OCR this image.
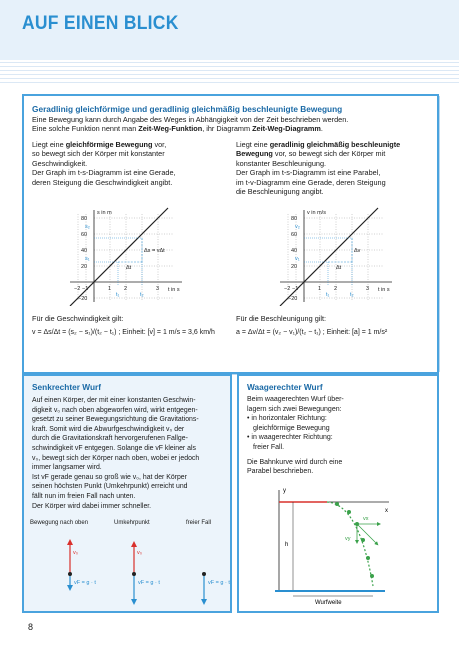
AUF EINEN BLICK
Geradlinig gleichförmige und geradlinig gleichmäßig beschleunigte Bewegung
Eine Bewegung kann durch Angabe des Weges in Abhängigkeit von der Zeit beschrieben werden.
Eine solche Funktion nennt man Zeit-Weg-Funktion, ihr Diagramm Zeit-Weg-Diagramm.
Liegt eine gleichförmige Bewegung vor,
so bewegt sich der Körper mit konstanter
Geschwindigkeit.
Der Graph im t-s-Diagramm ist eine Gerade,
deren Steigung die Geschwindigkeit angibt.
Liegt eine geradlinig gleichmäßig beschleunigte
Bewegung vor, so bewegt sich der Körper mit
konstanter Beschleunigung.
Der Graph im t-s-Diagramm ist eine Parabel,
im t-v-Diagramm eine Gerade, deren Steigung
die Beschleunigung angibt.
s in m
t in s
80
60
40
20
−20
−2 −1	1 2	3
Δs = vΔt
Δt
s₂
s₁
t₁	t₂
v in m/s
t in s
80
60
40
20
−20
−2 −1	1 2	3
Δv
Δt
v₂
v₁
t₁	t₂
Für die Geschwindigkeit gilt:
v = Δs/Δt = (s₂ − s₁)/(t₂ − t₁) ; Einheit: [v] = 1 m/s = 3,6 km/h
Für die Beschleunigung gilt:
a = Δv/Δt = (v₂ − v₁)/(t₂ − t₁) ; Einheit: [a] = 1 m/s²
Senkrechter Wurf
Auf einen Körper, der mit einer konstanten Geschwin-
digkeit v₀ nach oben abgeworfen wird, wirkt entgegen-
gesetzt zu seiner Bewegungsrichtung die Gravitations-
kraft. Somit wird die Abwurfgeschwindigkeit v₀ der
durch die Gravitationskraft hervorgerufenen Fallge-
schwindigkeit vF entgegen. Solange die vF kleiner als
v₀, bewegt sich der Körper nach oben, wobei er jedoch
immer langsamer wird.
Ist vF gerade genau so groß wie v₀, hat der Körper
seinen höchsten Punkt (Umkehrpunkt) erreicht und
fällt nun im freien Fall nach unten.
Der Körper wird dabei immer schneller.
Bewegung nach oben	Umkehrpunkt	freier Fall
v₀	v₀
vF = g · t	vF = g · t	vF = g · t
Waagerechter Wurf
Beim waagerechten Wurf über-
lagern sich zwei Bewegungen:
• in horizontaler Richtung:
gleichförmige Bewegung
• in waagerechter Richtung:
freier Fall.
Die Bahnkurve wird durch eine
Parabel beschrieben.
y
x
h
vx
vy
Wurfweite
8
